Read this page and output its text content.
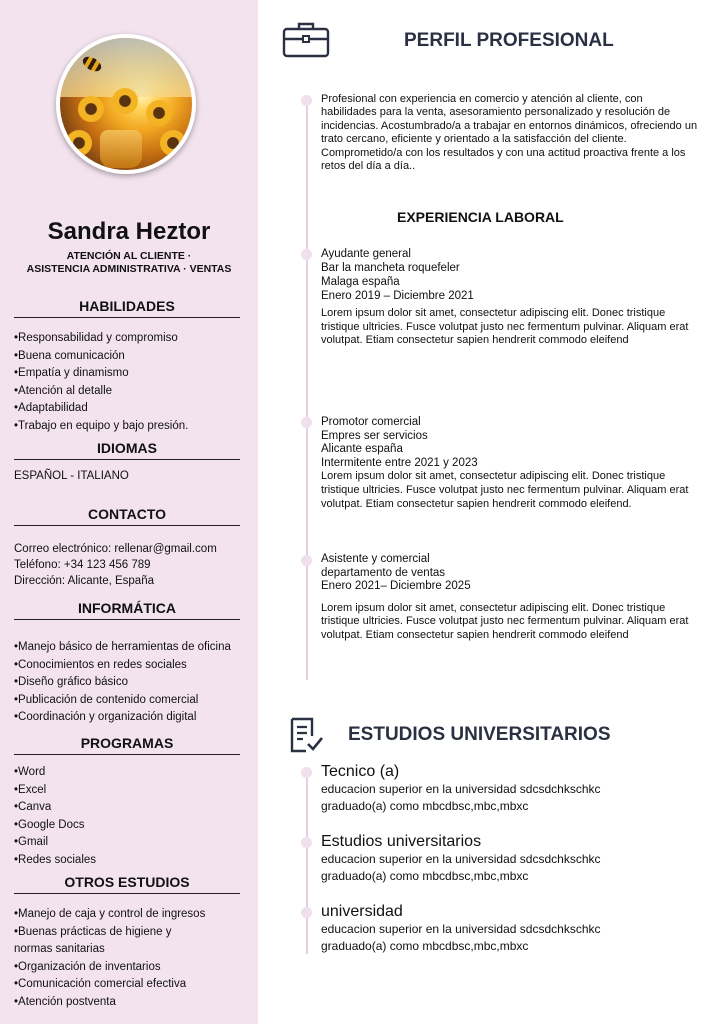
Sandra Heztor
ATENCIÓN AL CLIENTE ·
ASISTENCIA ADMINISTRATIVA · VENTAS
HABILIDADES
• Responsabilidad y compromiso
• Buena comunicación
• Empatía y dinamismo
• Atención al detalle
• Adaptabilidad
• Trabajo en equipo y bajo presión.
IDIOMAS
ESPAÑOL - ITALIANO
CONTACTO
Correo electrónico: rellenar@gmail.com
Teléfono: +34 123 456 789
Dirección: Alicante, España
INFORMÁTICA
• Manejo básico de herramientas de oficina
• Conocimientos en redes sociales
• Diseño gráfico básico
• Publicación de contenido comercial
• Coordinación y organización digital
PROGRAMAS
• Word
• Excel
• Canva
• Google Docs
• Gmail
• Redes sociales
OTROS ESTUDIOS
• Manejo de caja y control de ingresos
• Buenas prácticas de higiene y
normas sanitarias
• Organización de inventarios
• Comunicación comercial efectiva
• Atención postventa
PERFIL PROFESIONAL
Profesional con experiencia en comercio y atención al cliente, con habilidades para la venta, asesoramiento personalizado y resolución de incidencias. Acostumbrado/a a trabajar en entornos dinámicos, ofreciendo un trato cercano, eficiente y orientado a la satisfacción del cliente. Comprometido/a con los resultados y con una actitud proactiva frente a los retos del día a día..
EXPERIENCIA LABORAL
Ayudante general
Bar la mancheta roquefeler
Malaga españa
Enero 2019 – Diciembre 2021
Lorem ipsum dolor sit amet, consectetur adipiscing elit. Donec tristique tristique ultricies. Fusce volutpat justo nec fermentum pulvinar. Aliquam erat volutpat. Etiam consectetur sapien hendrerit commodo eleifend
Promotor comercial
Empres ser servicios
Alicante españa
Intermitente entre 2021 y 2023
Lorem ipsum dolor sit amet, consectetur adipiscing elit. Donec tristique tristique ultricies. Fusce volutpat justo nec fermentum pulvinar. Aliquam erat volutpat. Etiam consectetur sapien hendrerit commodo eleifend.
Asistente y comercial
departamento de ventas
Enero 2021– Diciembre 2025
Lorem ipsum dolor sit amet, consectetur adipiscing elit. Donec tristique tristique ultricies. Fusce volutpat justo nec fermentum pulvinar. Aliquam erat volutpat. Etiam consectetur sapien hendrerit commodo eleifend
ESTUDIOS UNIVERSITARIOS
Tecnico (a)
educacion superior en la universidad sdcsdchkschkc
graduado(a) como mbcdbsc,mbc,mbxc
Estudios universitarios
educacion superior en la universidad sdcsdchkschkc
graduado(a) como mbcdbsc,mbc,mbxc
universidad
educacion superior en la universidad sdcsdchkschkc
graduado(a) como mbcdbsc,mbc,mbxc
